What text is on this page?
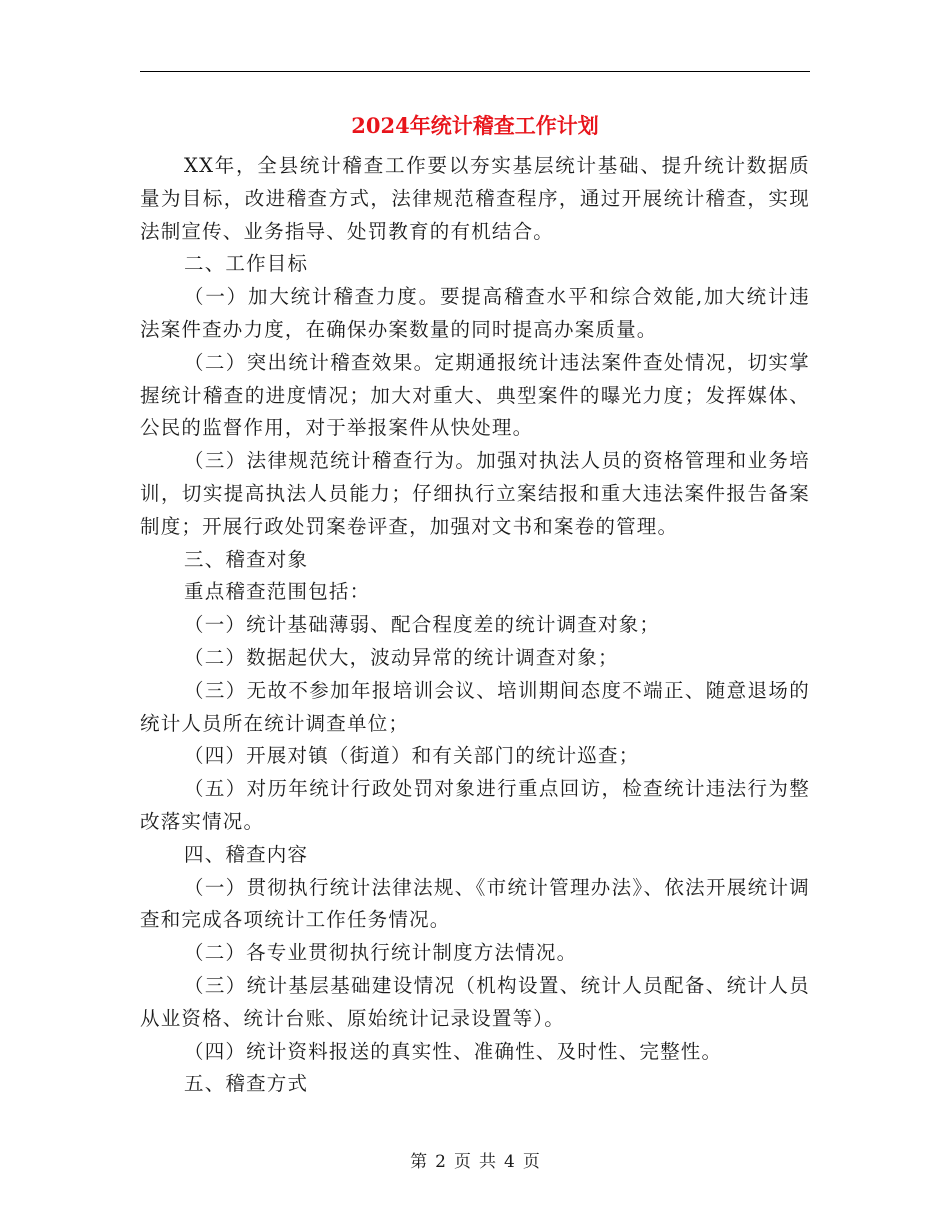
2024年统计稽查工作计划

XX年，全县统计稽查工作要以夯实基层统计基础、提升统计数据质量为目标，改进稽查方式，法律规范稽查程序，通过开展统计稽查，实现法制宣传、业务指导、处罚教育的有机结合。

二、工作目标

（一）加大统计稽查力度。要提高稽查水平和综合效能,加大统计违法案件查办力度，在确保办案数量的同时提高办案质量。

（二）突出统计稽查效果。定期通报统计违法案件查处情况，切实掌握统计稽查的进度情况；加大对重大、典型案件的曝光力度；发挥媒体、公民的监督作用，对于举报案件从快处理。

（三）法律规范统计稽查行为。加强对执法人员的资格管理和业务培训，切实提高执法人员能力；仔细执行立案结报和重大违法案件报告备案制度；开展行政处罚案卷评查，加强对文书和案卷的管理。

三、稽查对象

重点稽查范围包括：

（一）统计基础薄弱、配合程度差的统计调查对象；

（二）数据起伏大，波动异常的统计调查对象；

（三）无故不参加年报培训会议、培训期间态度不端正、随意退场的统计人员所在统计调查单位；

（四）开展对镇（街道）和有关部门的统计巡查；

（五）对历年统计行政处罚对象进行重点回访，检查统计违法行为整改落实情况。

四、稽查内容

（一）贯彻执行统计法律法规、《市统计管理办法》、依法开展统计调查和完成各项统计工作任务情况。

（二）各专业贯彻执行统计制度方法情况。

（三）统计基层基础建设情况（机构设置、统计人员配备、统计人员从业资格、统计台账、原始统计记录设置等）。

（四）统计资料报送的真实性、准确性、及时性、完整性。

五、稽查方式

第 2 页 共 4 页
